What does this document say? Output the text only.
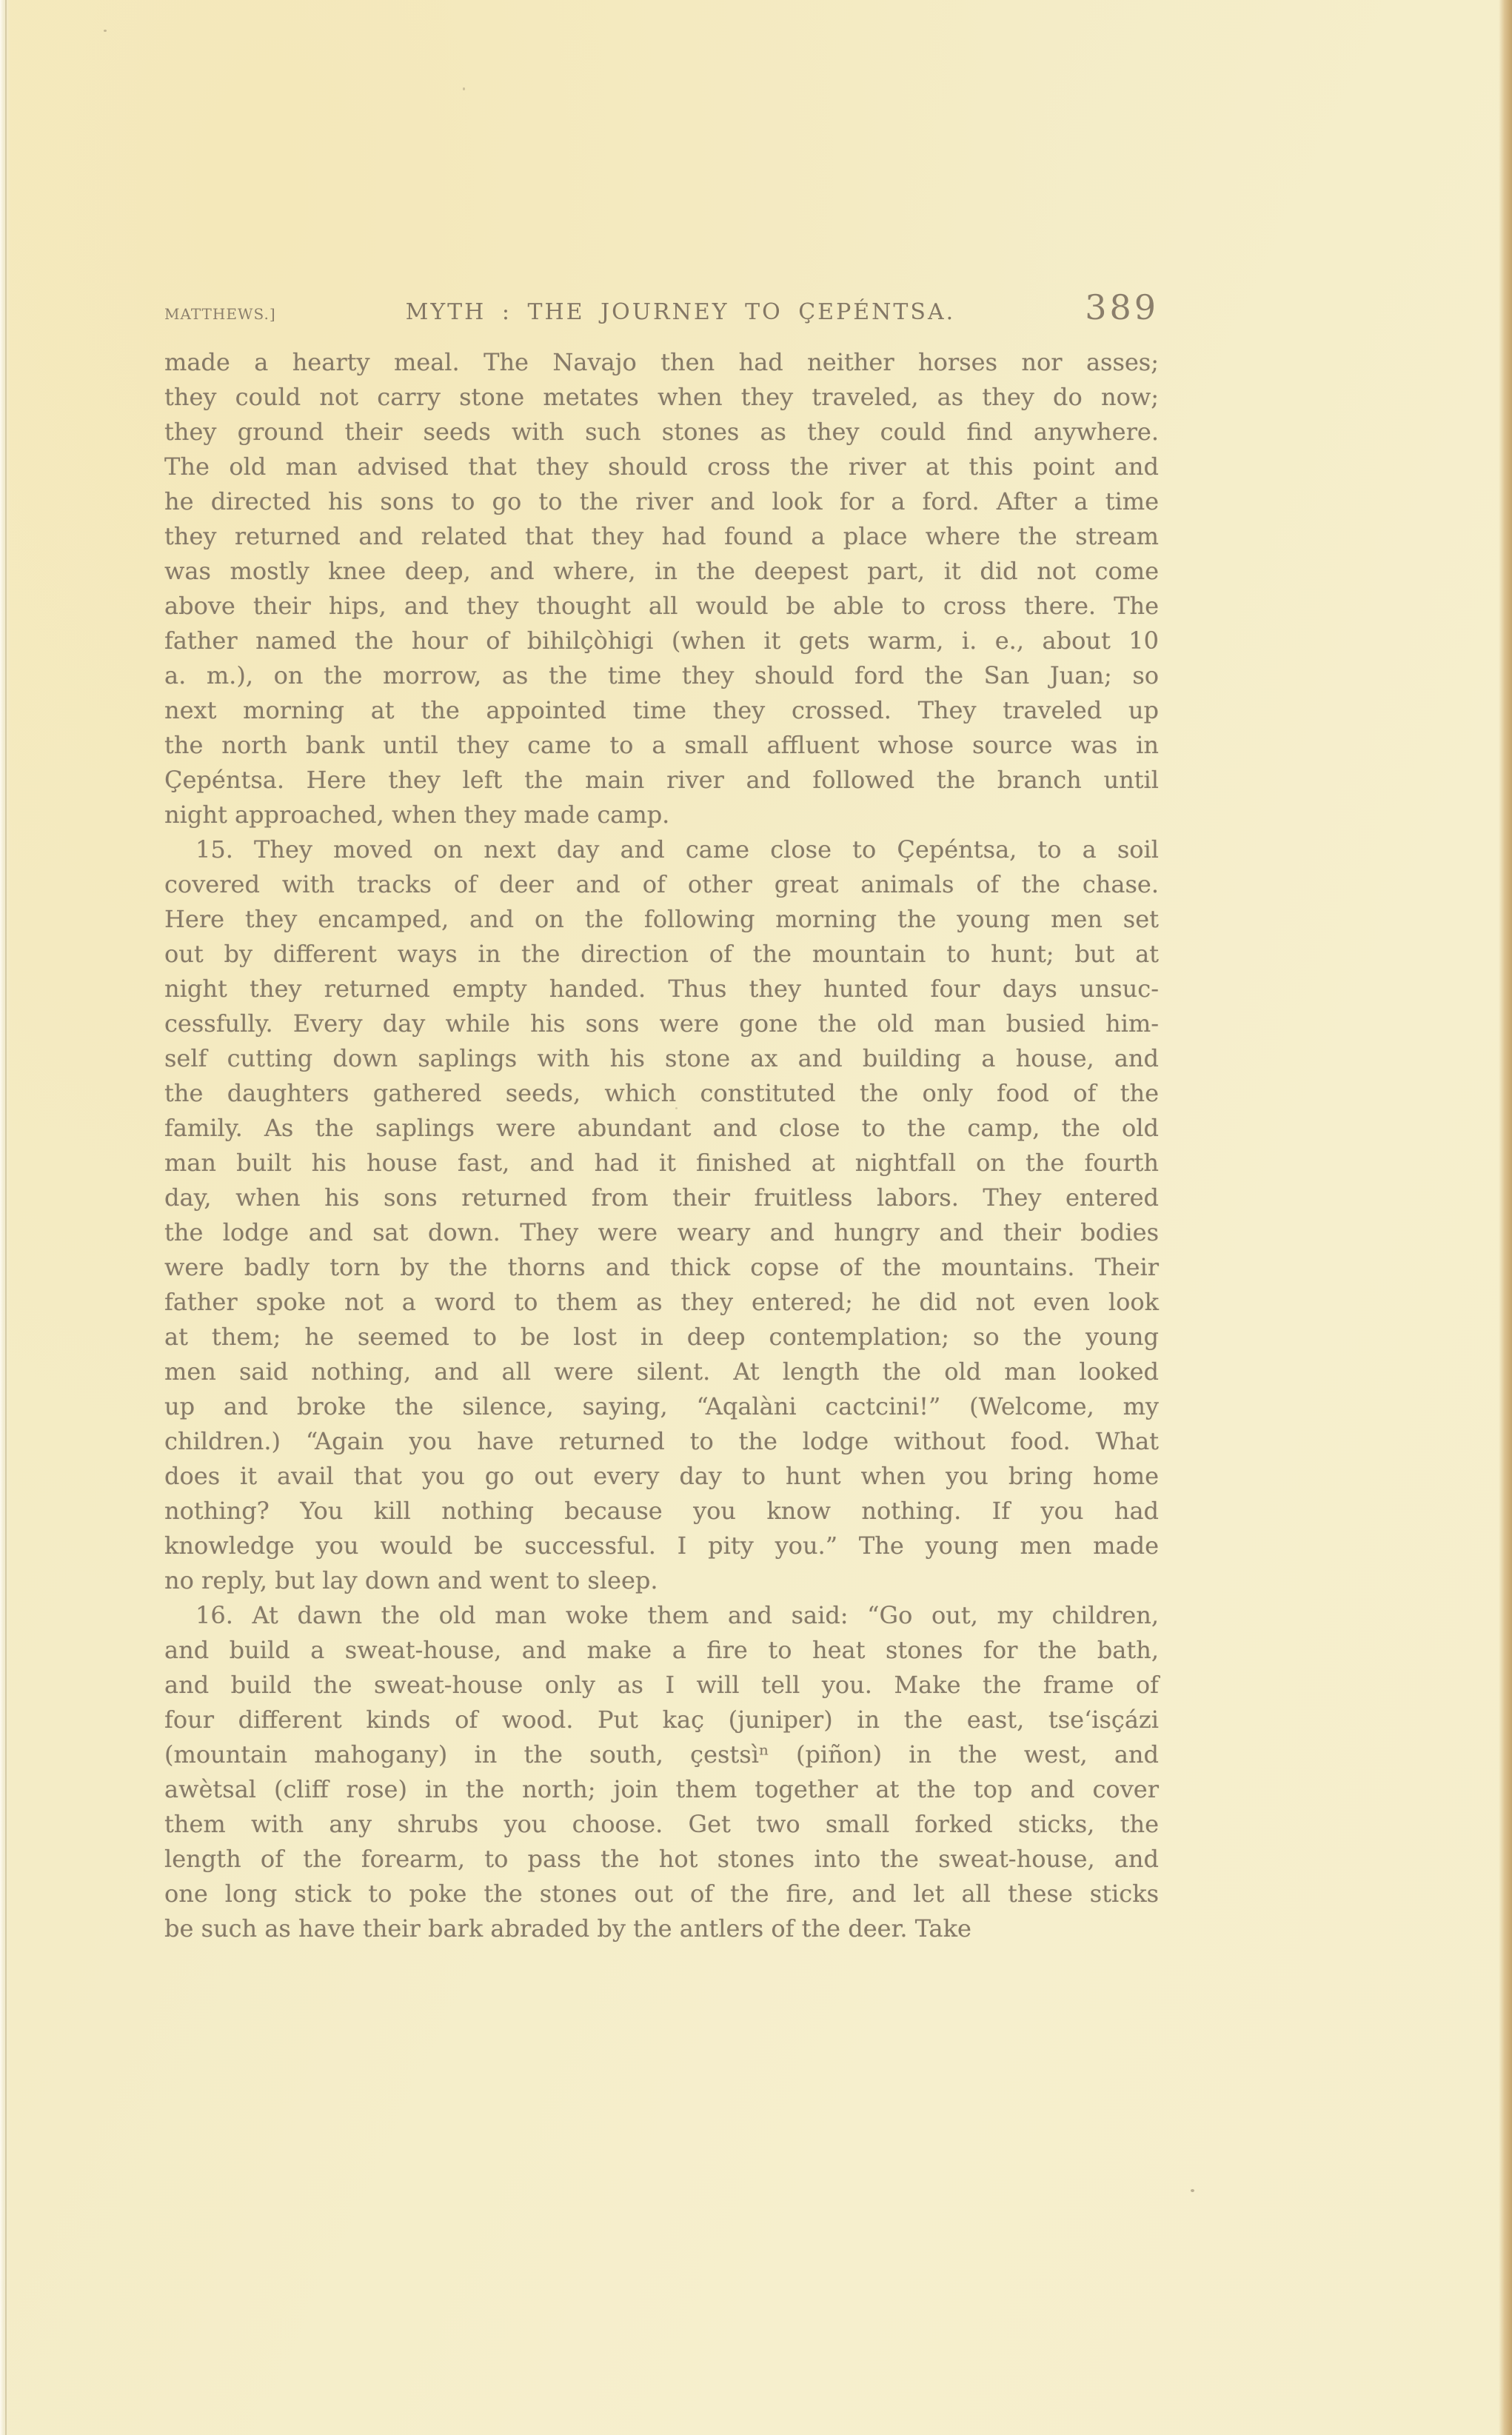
MATTHEWS.]	MYTH : THE JOURNEY TO ÇEPÉNTSA.	389
made a hearty meal. The Navajo then had neither horses nor asses;
they could not carry stone metates when they traveled, as they do now;
they ground their seeds with such stones as they could find anywhere.
The old man advised that they should cross the river at this point and
he directed his sons to go to the river and look for a ford. After a time
they returned and related that they had found a place where the stream
was mostly knee deep, and where, in the deepest part, it did not come
above their hips, and they thought all would be able to cross there. The
father named the hour of bihilçòhigi (when it gets warm, i. e., about 10
a. m.), on the morrow, as the time they should ford the San Juan; so
next morning at the appointed time they crossed. They traveled up
the north bank until they came to a small affluent whose source was in
Çepéntsa. Here they left the main river and followed the branch until
night approached, when they made camp.
15. They moved on next day and came close to Çepéntsa, to a soil
covered with tracks of deer and of other great animals of the chase.
Here they encamped, and on the following morning the young men set
out by different ways in the direction of the mountain to hunt; but at
night they returned empty handed. Thus they hunted four days unsuc-
cessfully. Every day while his sons were gone the old man busied him-
self cutting down saplings with his stone ax and building a house, and
the daughters gathered seeds, which constituted the only food of the
family. As the saplings were abundant and close to the camp, the old
man built his house fast, and had it finished at nightfall on the fourth
day, when his sons returned from their fruitless labors. They entered
the lodge and sat down. They were weary and hungry and their bodies
were badly torn by the thorns and thick copse of the mountains. Their
father spoke not a word to them as they entered; he did not even look
at them; he seemed to be lost in deep contemplation; so the young
men said nothing, and all were silent. At length the old man looked
up and broke the silence, saying, “Aqalàni cactcini!” (Welcome, my
children.) “Again you have returned to the lodge without food. What
does it avail that you go out every day to hunt when you bring home
nothing? You kill nothing because you know nothing. If you had
knowledge you would be successful. I pity you.” The young men made
no reply, but lay down and went to sleep.
16. At dawn the old man woke them and said: “Go out, my children,
and build a sweat-house, and make a fire to heat stones for the bath,
and build the sweat-house only as I will tell you. Make the frame of
four different kinds of wood. Put kaç (juniper) in the east, tse‘isçázi
(mountain mahogany) in the south, çestsìⁿ (piñon) in the west, and
awètsal (cliff rose) in the north; join them together at the top and cover
them with any shrubs you choose. Get two small forked sticks, the
length of the forearm, to pass the hot stones into the sweat-house, and
one long stick to poke the stones out of the fire, and let all these sticks
be such as have their bark abraded by the antlers of the deer. Take
